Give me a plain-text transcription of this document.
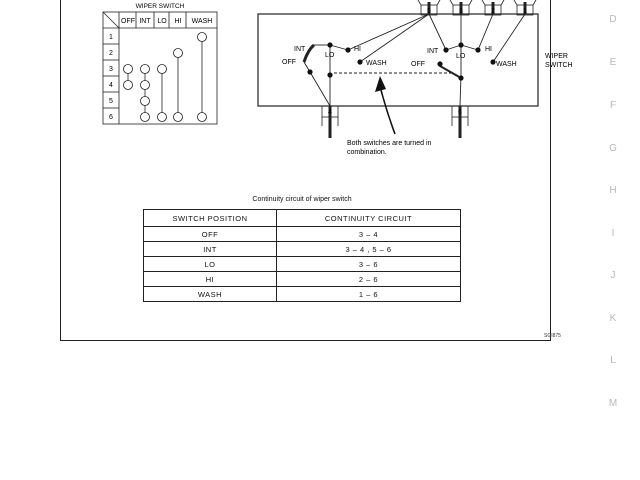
D
E
F
G
H
I
J
K
L
M
WIPER SWITCH
OFF INT LO HI WASH
1
2
3
4
5
6
5	3	2	1
4	6
INT
LO
HI
OFF	WASH
INT
LO
HI
OFF	WASH
WIPER
SWITCH
Both switches are turned in
combination.
Continuity circuit of wiper switch
SWITCH POSITION	CONTINUITY CIRCUIT
OFF	3 – 4
INT	3 – 4 , 5 – 6
LO	3 – 6
HI	2 – 6
WASH	1 – 6
SGI875
